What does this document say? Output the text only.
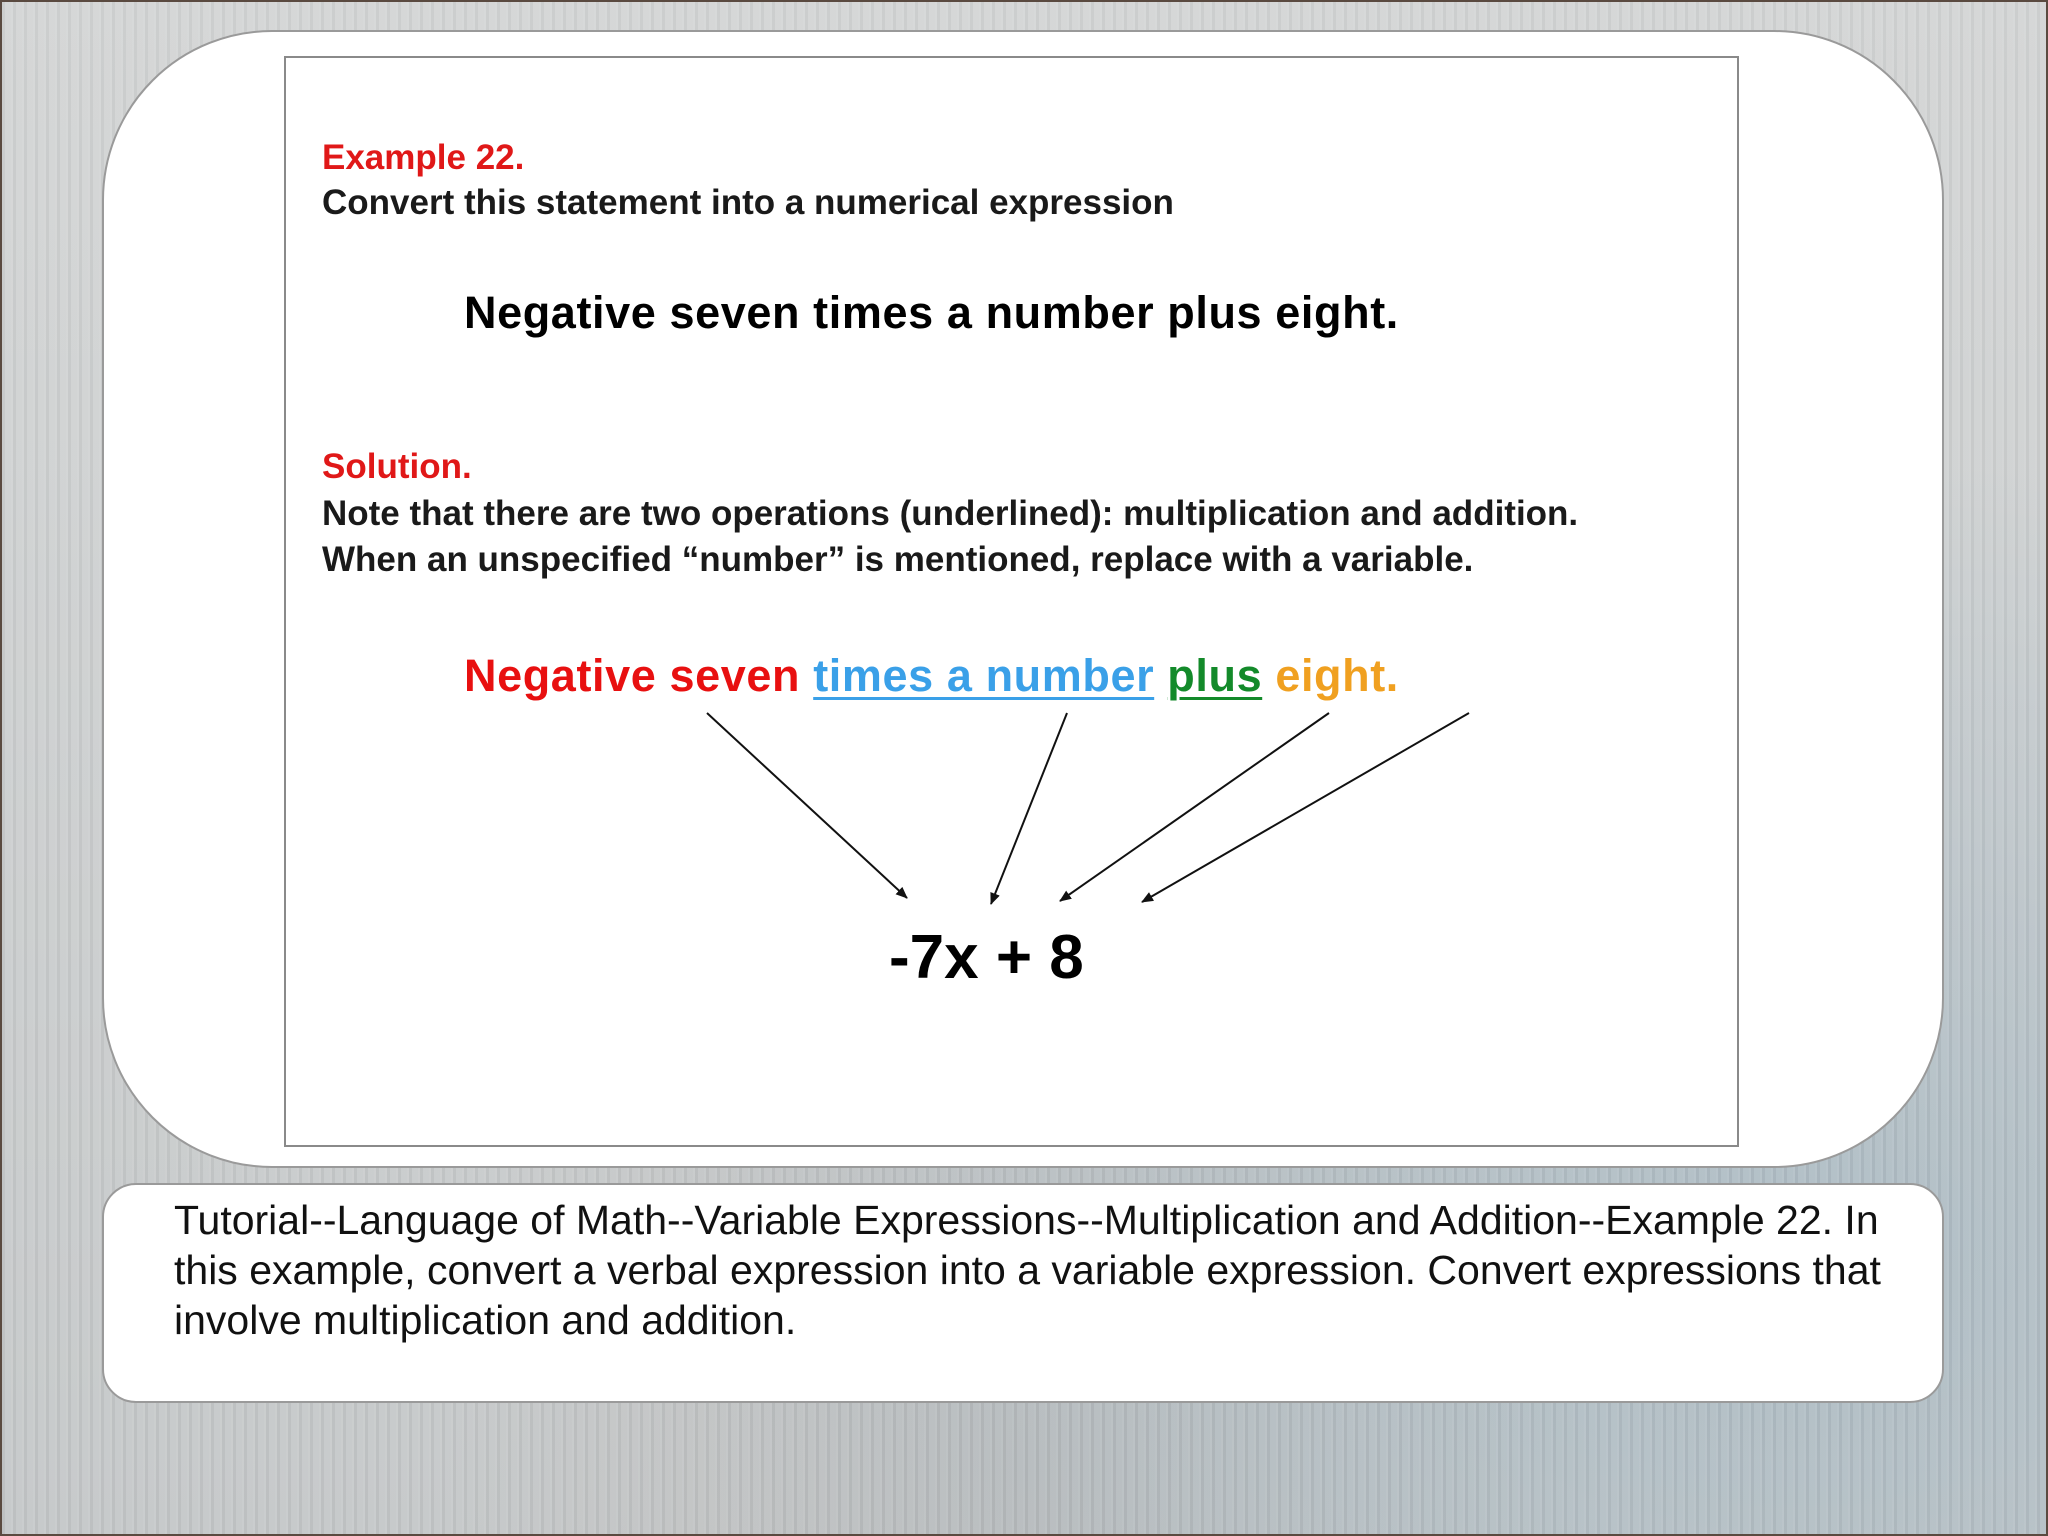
Example 22.

Convert this statement into a numerical expression

Negative seven times a number plus eight.

Solution.

Note that there are two operations (underlined): multiplication and addition. When an unspecified “number” is mentioned, replace with a variable.

Negative seven times a number plus eight.

-7x + 8

Tutorial--Language of Math--Variable Expressions--Multiplication and Addition--Example 22. In this example, convert a verbal expression into a variable expression. Convert expressions that involve multiplication and addition.
